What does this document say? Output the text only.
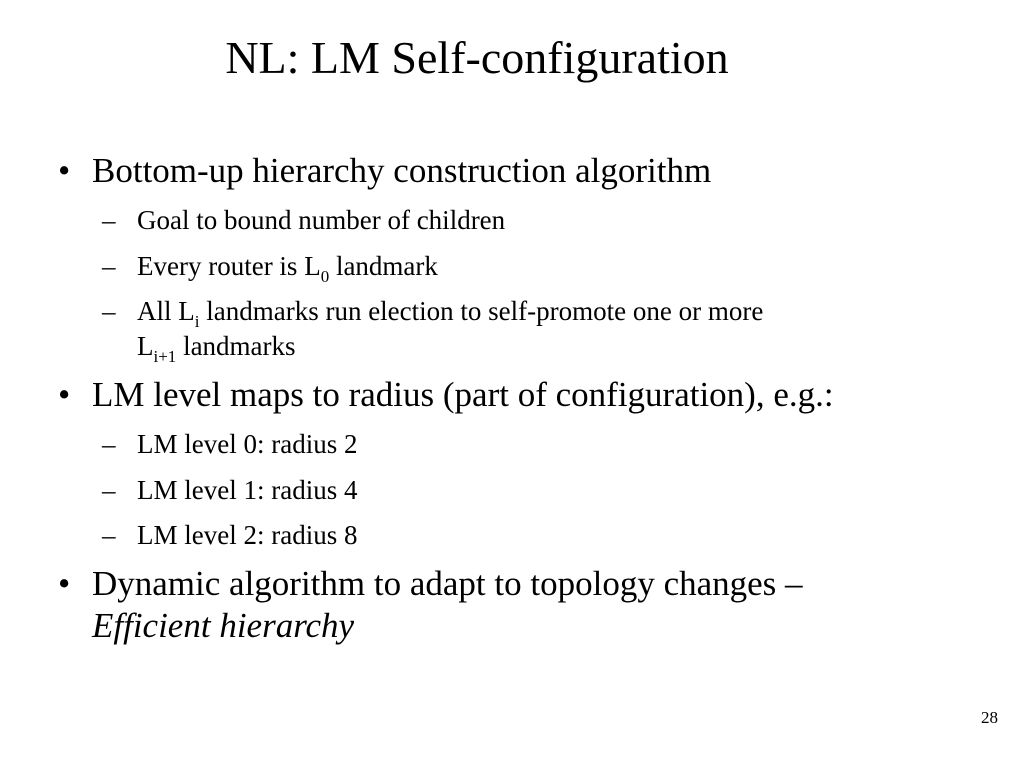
NL: LM Self-configuration
• Bottom-up hierarchy construction algorithm
– Goal to bound number of children
– Every router is $L_0$ landmark
– All $L_i$ landmarks run election to self-promote one or more
$L_{i+1}$ landmarks
• LM level maps to radius (part of configuration), e.g.:
– LM level 0: radius 2
– LM level 1: radius 4
– LM level 2: radius 8
• Dynamic algorithm to adapt to topology changes –
Efficient hierarchy
28
